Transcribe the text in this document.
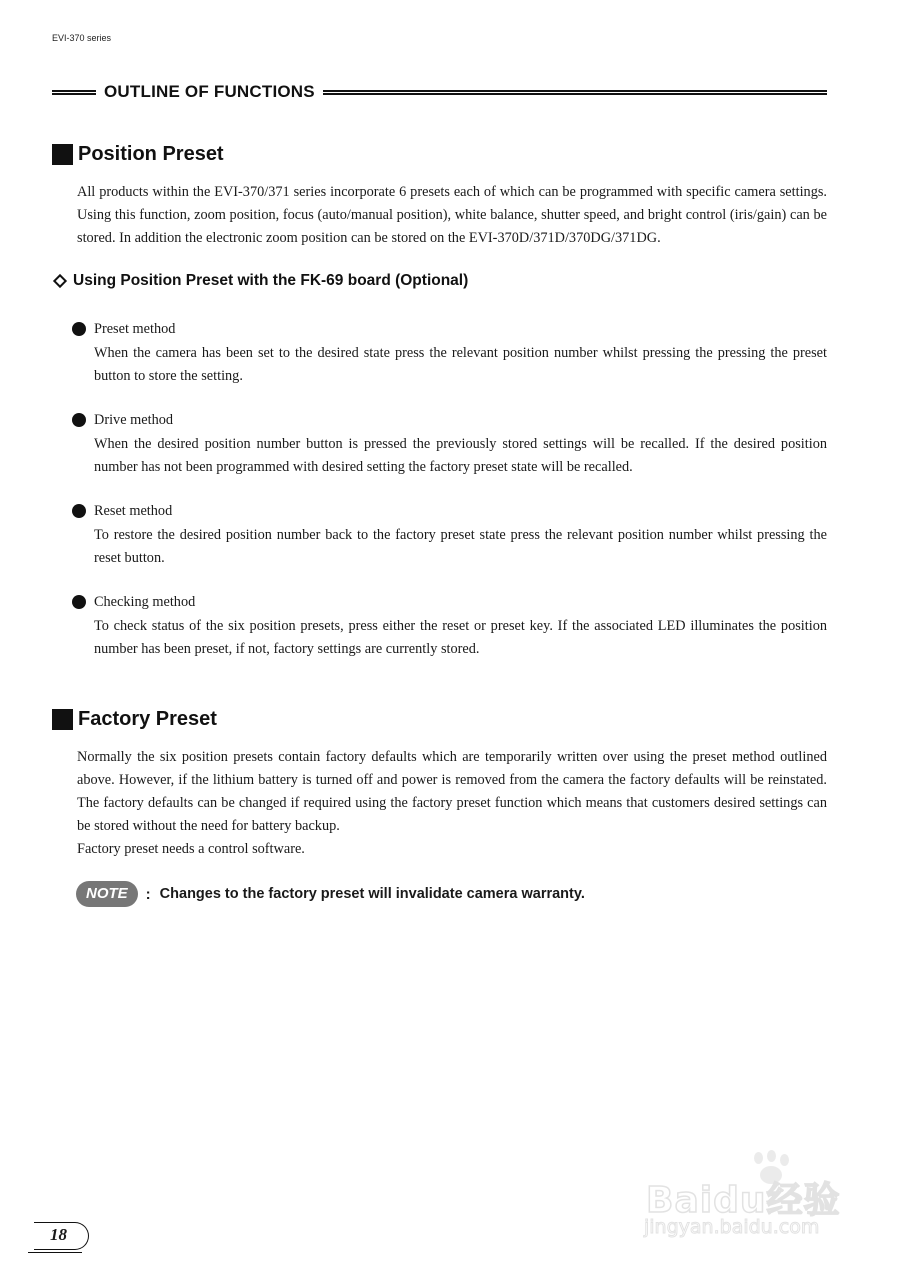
EVI-370 series
OUTLINE OF FUNCTIONS
Position Preset

All products within the EVI-370/371 series incorporate 6 presets each of which can be programmed with specific camera settings. Using this function, zoom position, focus (auto/manual position), white balance, shutter speed, and bright control (iris/gain) can be stored. In addition the electronic zoom position can be stored on the EVI-370D/371D/370DG/371DG.

Using Position Preset with the FK-69 board (Optional)
Preset method

When the camera has been set to the desired state press the relevant position number whilst pressing the pressing the preset button to store the setting.

Drive method

When the desired position number button is pressed the previously stored settings will be recalled. If the desired position number has not been programmed with desired setting the factory preset state will be recalled.

Reset method

To restore the desired position number back to the factory preset state press the relevant position number whilst pressing the reset button.

Checking method

To check status of the six position presets, press either the reset or preset key. If the associated LED illuminates the position number has been preset, if not, factory settings are currently stored.

Factory Preset

Normally the six position presets contain factory defaults which are temporarily written over using the preset method outlined above. However, if the lithium battery is turned off and power is removed from the camera the factory defaults will be reinstated. The factory defaults can be changed if required using the factory preset function which means that customers desired settings can be stored without the need for battery backup.

Factory preset needs a control software.

NOTE	: Changes to the factory preset will invalidate camera warranty.
18
Baidu经验
jingyan.baidu.com
